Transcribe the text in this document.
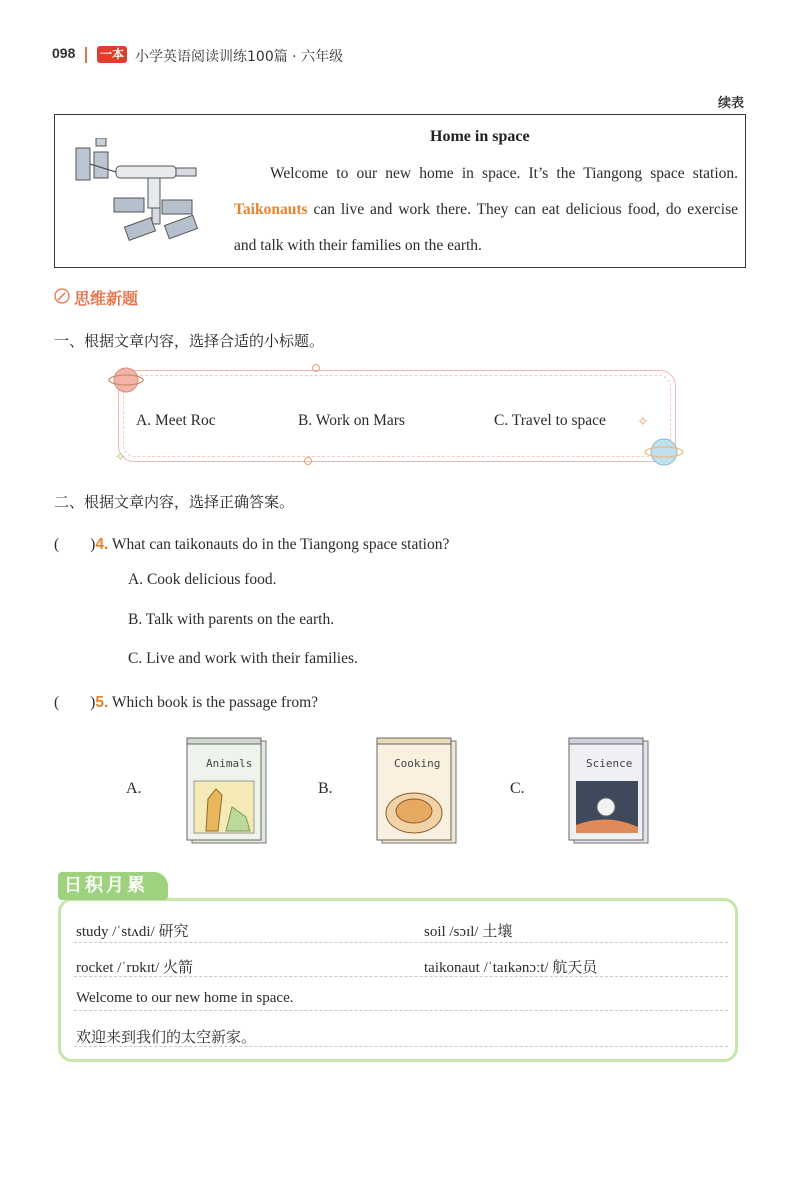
098 一本 小学英语阅读训练100篇 · 六年级
续表
Home in space
Welcome to our new home in space. It’s the Tiangong space station. Taikonauts can live and work there. They can eat delicious food, do exercise and talk with their families on the earth.
思维新题
一、根据文章内容，选择合适的小标题。
✧
✧
A. Meet Roc	B. Work on Mars	C. Travel to space
二、根据文章内容，选择正确答案。
(　　)4. What can taikonauts do in the Tiangong space station?
A. Cook delicious food.
B. Talk with parents on the earth.
C. Live and work with their families.
(　　)5. Which book is the passage from?
A.	B.	C.
Animals	Cooking	Science
日积月累
study /ˈstʌdi/ 研究	soil /sɔɪl/ 土壤
rocket /ˈrɒkɪt/ 火箭	taikonaut /ˈtaɪkənɔːt/ 航天员
Welcome to our new home in space.
欢迎来到我们的太空新家。
